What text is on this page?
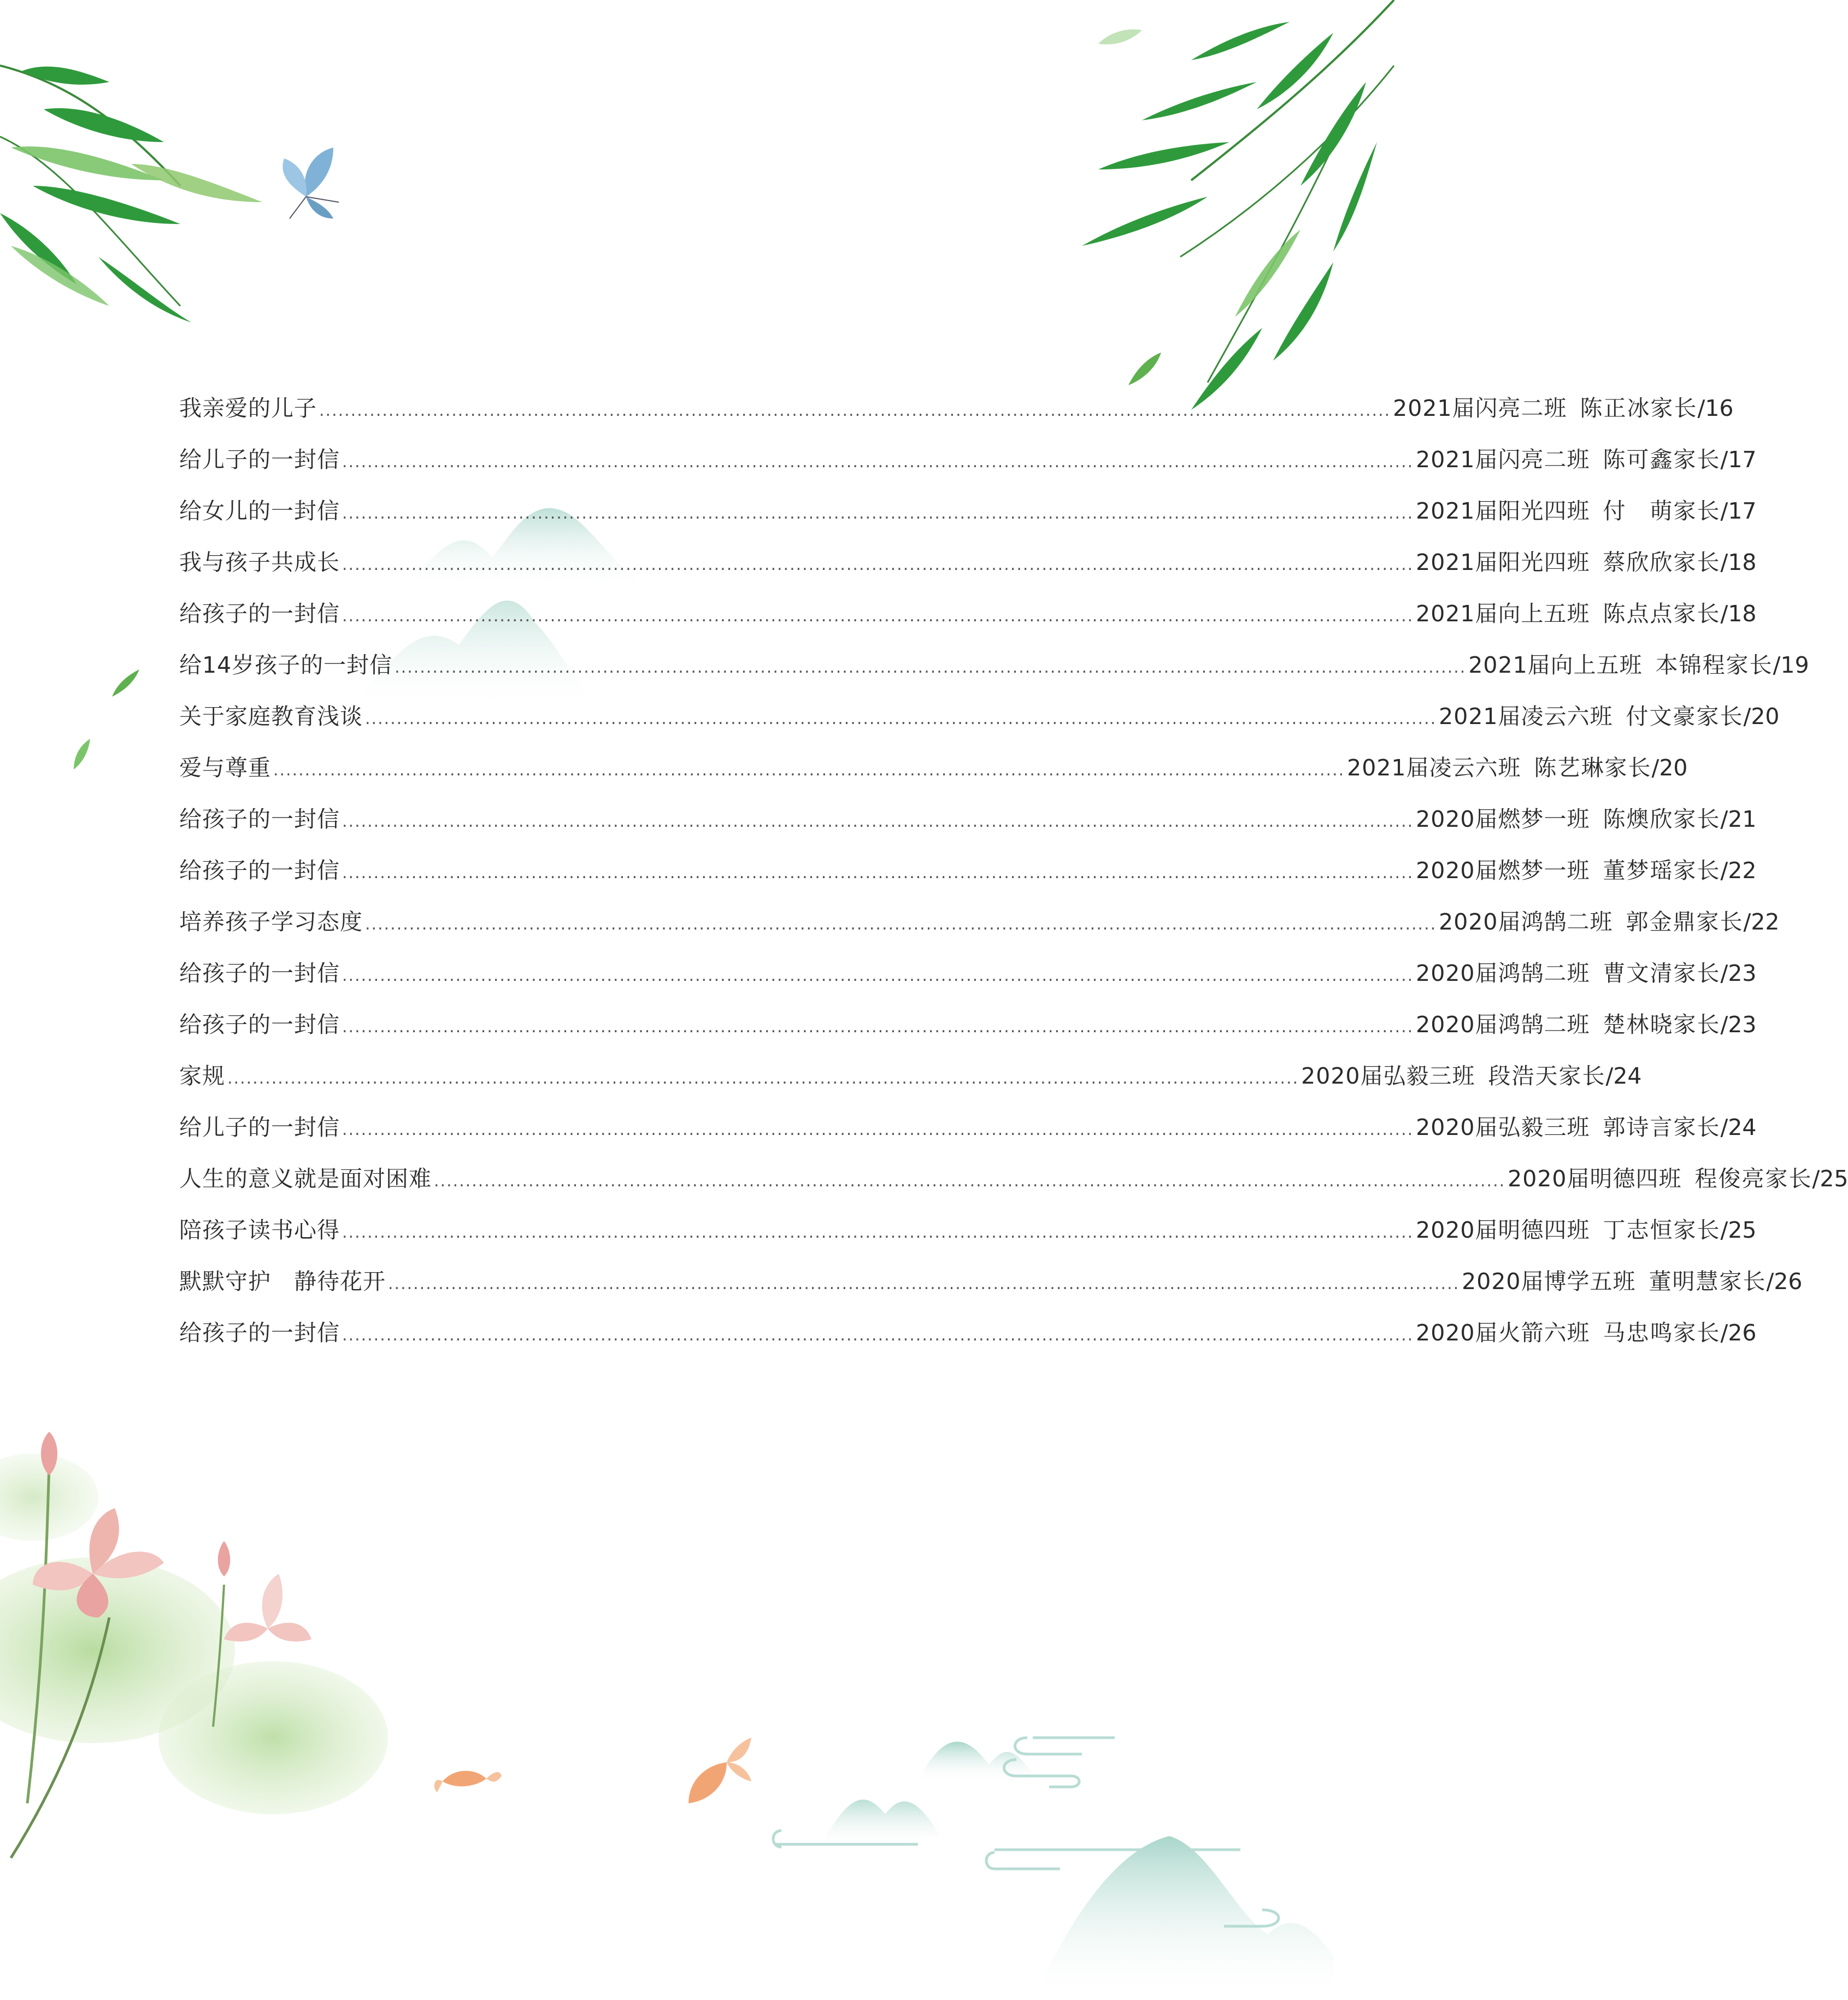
我亲爱的儿子 .......................................................................................................................................................................... 2021届闪亮二班 陈正冰家长 /16
给儿子的一封信 .......................................................................................................................................................................... 2021届闪亮二班 陈可鑫家长 /17
给女儿的一封信 .......................................................................................................................................................................... 2021届阳光四班 付　萌家长 /17
我与孩子共成长 .......................................................................................................................................................................... 2021届阳光四班 蔡欣欣家长 /18
给孩子的一封信 .......................................................................................................................................................................... 2021届向上五班 陈点点家长 /18
给14岁孩子的一封信 .......................................................................................................................................................................... 2021届向上五班 本锦程家长 /19
关于家庭教育浅谈 .......................................................................................................................................................................... 2021届凌云六班 付文豪家长 /20
爱与尊重 .......................................................................................................................................................................... 2021届凌云六班 陈艺琳家长 /20
给孩子的一封信 .......................................................................................................................................................................... 2020届燃梦一班 陈燠欣家长 /21
给孩子的一封信 .......................................................................................................................................................................... 2020届燃梦一班 董梦瑶家长 /22
培养孩子学习态度 .......................................................................................................................................................................... 2020届鸿鹄二班 郭金鼎家长 /22
给孩子的一封信 .......................................................................................................................................................................... 2020届鸿鹄二班 曹文清家长 /23
给孩子的一封信 .......................................................................................................................................................................... 2020届鸿鹄二班 楚林晓家长 /23
家规 .......................................................................................................................................................................... 2020届弘毅三班 段浩天家长 /24
给儿子的一封信 .......................................................................................................................................................................... 2020届弘毅三班 郭诗言家长 /24
人生的意义就是面对困难 .......................................................................................................................................................................... 2020届明德四班 程俊亮家长 /25
陪孩子读书心得 .......................................................................................................................................................................... 2020届明德四班 丁志恒家长 /25
默默守护　静待花开 .......................................................................................................................................................................... 2020届博学五班 董明慧家长 /26
给孩子的一封信 .......................................................................................................................................................................... 2020届火箭六班 马忠鸣家长 /26
